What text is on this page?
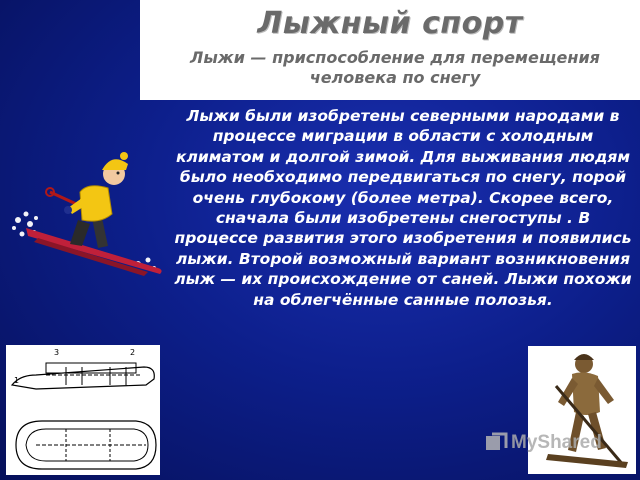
Лыжный спорт
Лыжи — приспособление для перемещения человека по снегу
Лыжи были изобретены северными народами в процессе миграции в области с холодным климатом и долгой зимой. Для выживания людям было необходимо передвигаться по снегу, порой очень глубокому (более метра). Скорее всего, сначала были изобретены снегоступы . В процессе развития этого изобретения и появились лыжи. Второй возможный вариант возникновения лыж — их происхождение от саней. Лыжи похожи на облегчённые санные полозья.
1
2
3
MyShared
